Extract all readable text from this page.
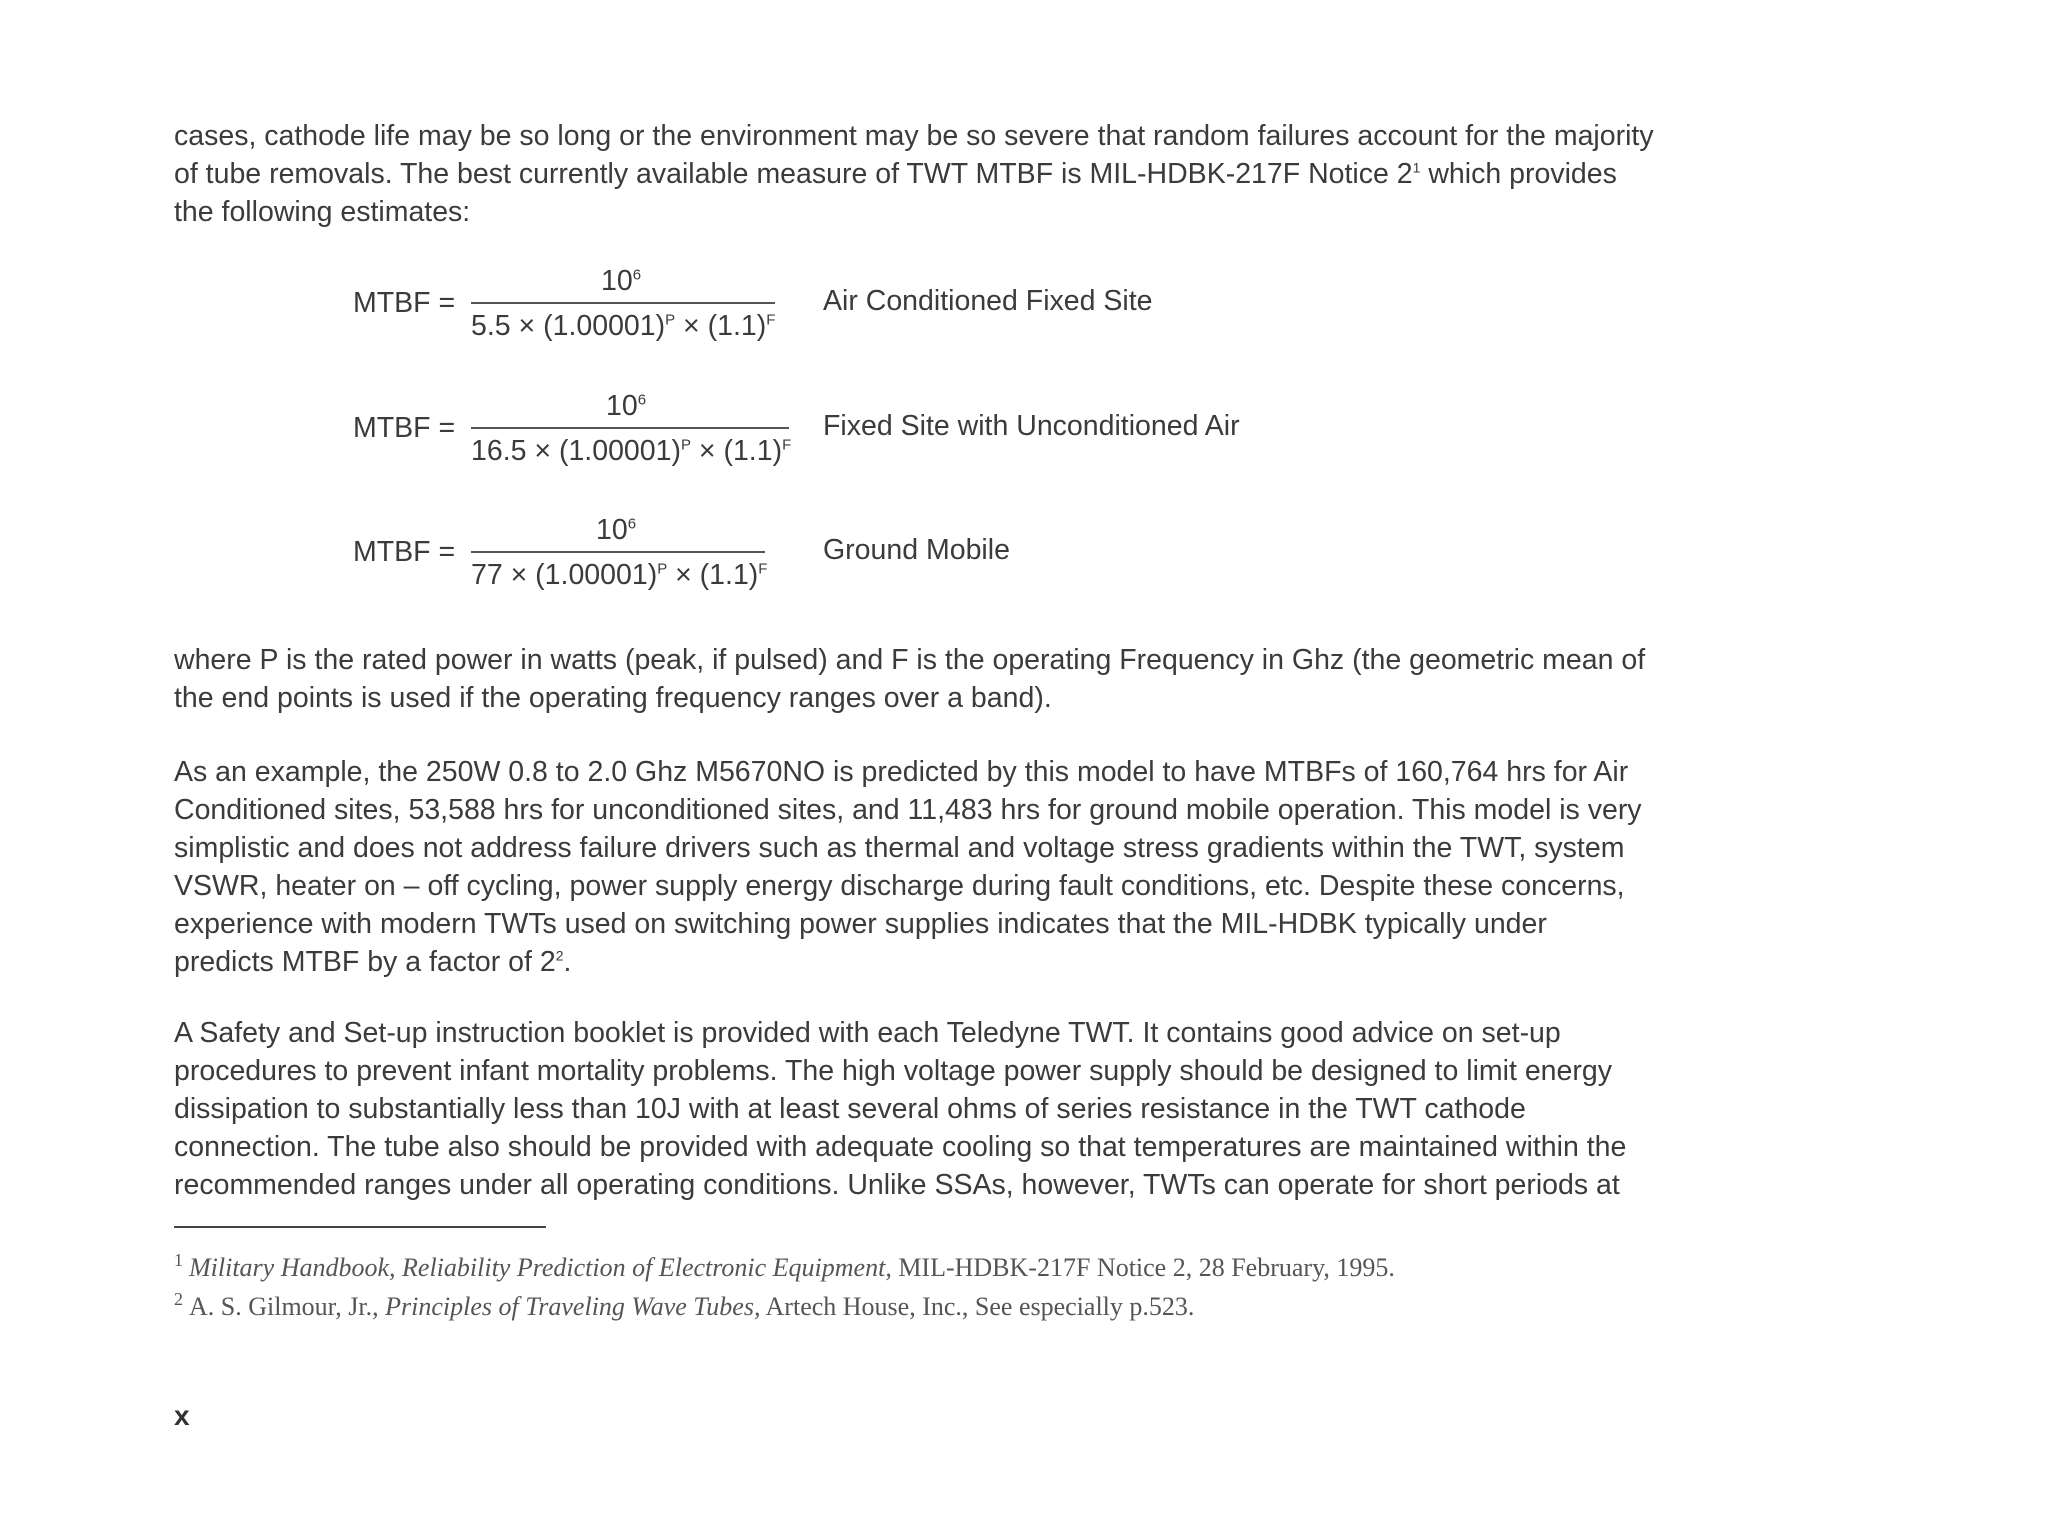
cases, cathode life may be so long or the environment may be so severe that random failures account for the majority
of tube removals. The best currently available measure of TWT MTBF is MIL-HDBK-217F Notice 2$^1$ which provides
the following estimates:
MTBF =
$10^6$
$5.5 \times (1.00001)^P \times (1.1)^F$
Air Conditioned Fixed Site
MTBF =
$10^6$
$16.5 \times (1.00001)^P \times (1.1)^F$
Fixed Site with Unconditioned Air
MTBF =
$10^6$
$77 \times (1.00001)^P \times (1.1)^F$
Ground Mobile
where P is the rated power in watts (peak, if pulsed) and F is the operating Frequency in Ghz (the geometric mean of
the end points is used if the operating frequency ranges over a band).
As an example, the 250W 0.8 to 2.0 Ghz M5670NO is predicted by this model to have MTBFs of 160,764 hrs for Air
Conditioned sites, 53,588 hrs for unconditioned sites, and 11,483 hrs for ground mobile operation. This model is very
simplistic and does not address failure drivers such as thermal and voltage stress gradients within the TWT, system
VSWR, heater on – off cycling, power supply energy discharge during fault conditions, etc. Despite these concerns,
experience with modern TWTs used on switching power supplies indicates that the MIL-HDBK typically under
predicts MTBF by a factor of 2$^2$.
A Safety and Set-up instruction booklet is provided with each Teledyne TWT. It contains good advice on set-up
procedures to prevent infant mortality problems. The high voltage power supply should be designed to limit energy
dissipation to substantially less than 10J with at least several ohms of series resistance in the TWT cathode
connection. The tube also should be provided with adequate cooling so that temperatures are maintained within the
recommended ranges under all operating conditions. Unlike SSAs, however, TWTs can operate for short periods at
$^1$ Military Handbook, Reliability Prediction of Electronic Equipment, MIL-HDBK-217F Notice 2, 28 February, 1995.
$^2$ A. S. Gilmour, Jr., Principles of Traveling Wave Tubes, Artech House, Inc., See especially p.523.
x
